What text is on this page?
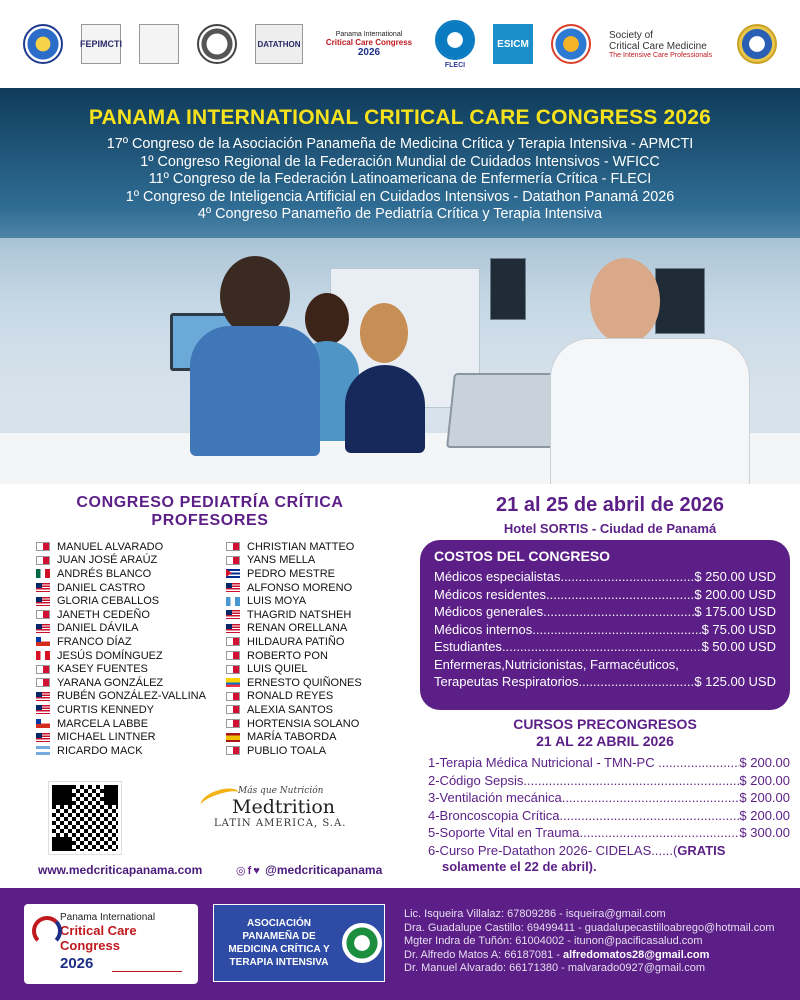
FEPIMCTI	DATATHON
Panama International
Critical Care Congress
2026
FLECI
ESICM
Society of
Critical Care Medicine
The Intensive Care Professionals
PANAMA INTERNATIONAL CRITICAL CARE CONGRESS 2026
17º Congreso de la Asociación Panameña de Medicina Crítica y Terapia Intensiva - APMCTI
1º Congreso Regional de la Federación Mundial de Cuidados Intensivos - WFICC
11º Congreso de la Federación Latinoamericana de Enfermería Crítica - FLECI
1º Congreso de Inteligencia Artificial en Cuidados Intensivos - Datathon Panamá 2026
4º Congreso Panameño de Pediatría Crítica y Terapia Intensiva
CONGRESO PEDIATRÍA CRÍTICA
PROFESORES
MANUEL ALVARADO
JUAN JOSÉ ARAÚZ
ANDRÉS BLANCO
DANIEL CASTRO
GLORIA CEBALLOS
JANETH CEDEÑO
DANIEL DÁVILA
FRANCO DÍAZ
JESÚS DOMÍNGUEZ
KASEY FUENTES
YARANA GONZÁLEZ
RUBÉN GONZÁLEZ-VALLINA
CURTIS KENNEDY
MARCELA LABBE
MICHAEL LINTNER
RICARDO MACK
CHRISTIAN MATTEO
YANS MELLA
PEDRO MESTRE
ALFONSO MORENO
LUIS MOYA
THAGRID NATSHEH
RENAN ORELLANA
HILDAURA PATIÑO
ROBERTO PON
LUIS QUIEL
ERNESTO QUIÑONES
RONALD REYES
ALEXIA SANTOS
HORTENSIA SOLANO
MARÍA TABORDA
PUBLIO TOALA
Más que Nutrición
Medtrition
LATIN AMERICA, S.A.
www.medcriticapanama.com	◎ f ♥ @medcriticapanama
21 al 25 de abril de 2026
Hotel SORTIS - Ciudad de Panamá
COSTOS DEL CONGRESO
Médicos especialistas .....	$ 250.00 USD
Médicos residentes .....	$ 200.00 USD
Médicos generales .....	$ 175.00 USD
Médicos internos .....	$ 75.00 USD
Estudiantes .....	$ 50.00 USD
Enfermeras,Nutricionistas, Farmacéuticos,
Terapeutas Respiratorios .....	$ 125.00 USD
CURSOS PRECONGRESOS
21 AL 22 ABRIL 2026
1-Terapia Médica Nutricional - TMN-PC .....	$ 200.00
2-Código Sepsis .....	$ 200.00
3-Ventilación mecánica .....	$ 200.00
4-Broncoscopia Crítica .....	$ 200.00
5-Soporte Vital en Trauma .....	$ 300.00
6-Curso Pre-Datathon 2026- CIDELAS......(GRATIS
solamente el 22 de abril).
Panama International
Critical Care Congress
2026
ASOCIACIÓN PANAMEÑA DE MEDICINA CRÍTICA Y TERAPIA INTENSIVA
Lic. Isqueira Villalaz: 67809286 - isqueira@gmail.com
Dra. Guadalupe Castillo: 69499411 - guadalupecastilloabrego@hotmail.com
Mgter Indra de Tuñón: 61004002 - itunon@pacificasalud.com
Dr. Alfredo Matos A: 66187081 - alfredomatos28@gmail.com
Dr. Manuel Alvarado: 66171380 - malvarado0927@gmail.com
